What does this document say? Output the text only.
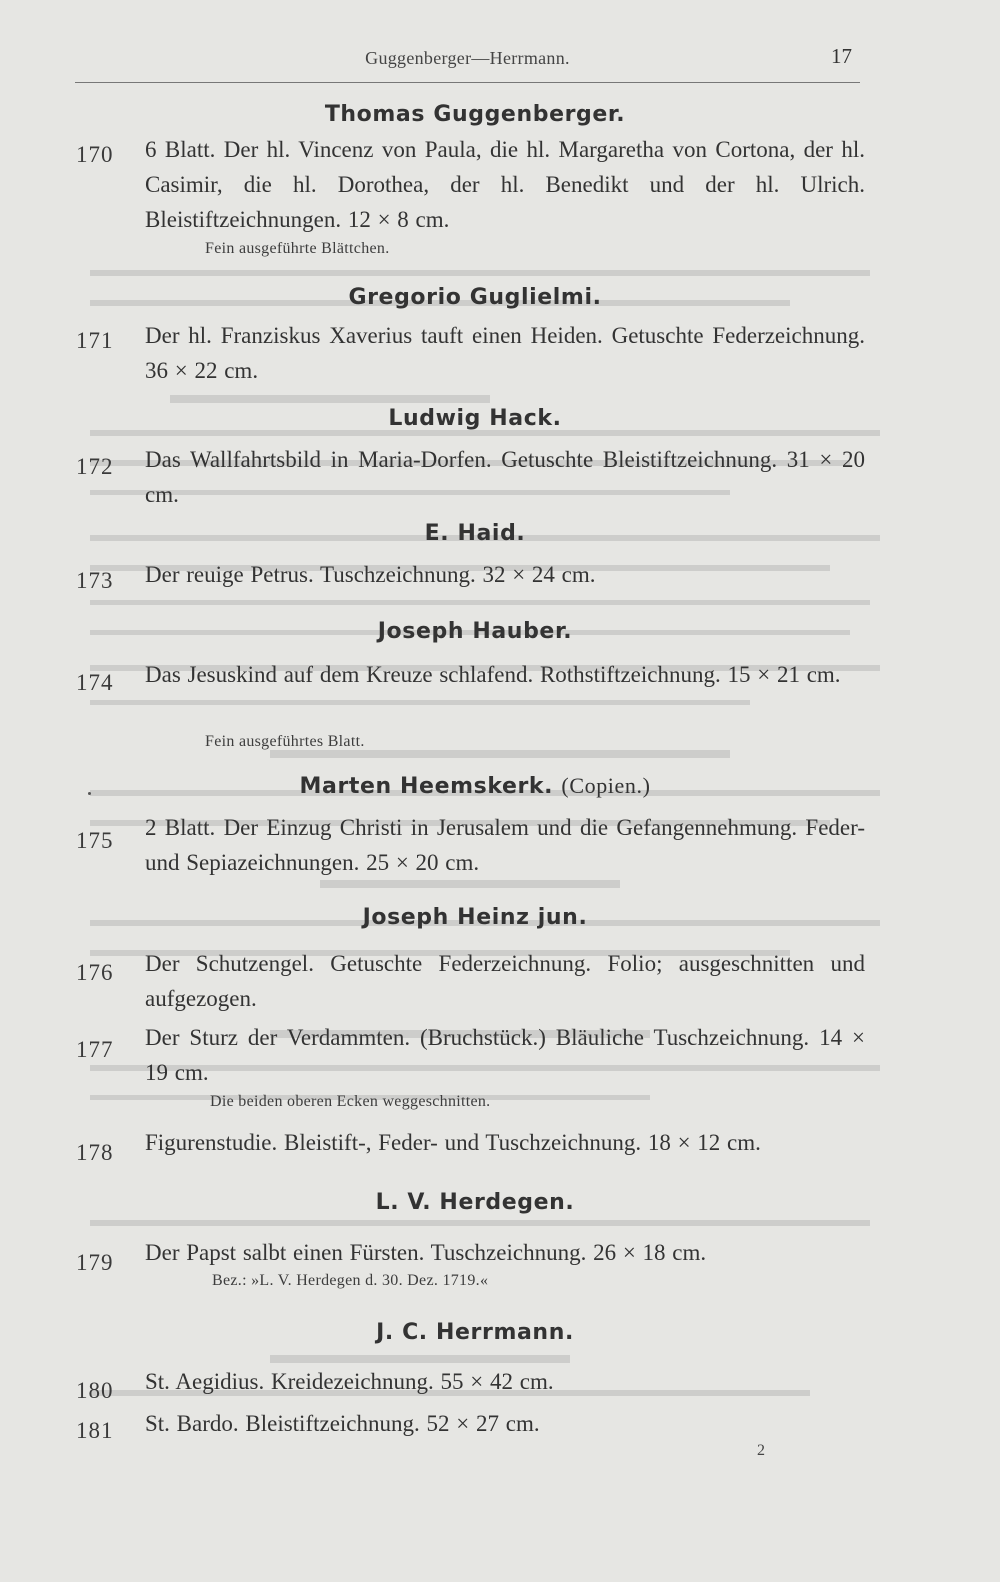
Guggenberger—Herrmann.	17
Thomas Guggenberger.
170 6 Blatt. Der hl. Vincenz von Paula, die hl. Margaretha von Cortona, der hl. Casimir, die hl. Dorothea, der hl. Benedikt und der hl. Ulrich. Bleistiftzeichnungen. 12 × 8 cm.
Fein ausgeführte Blättchen.
Gregorio Guglielmi.
171 Der hl. Franziskus Xaverius tauft einen Heiden. Getuschte Federzeichnung. 36 × 22 cm.
Ludwig Hack.
172 Das Wallfahrtsbild in Maria-Dorfen. Getuschte Bleistiftzeichnung. 31 × 20 cm.
E. Haid.
173 Der reuige Petrus. Tuschzeichnung. 32 × 24 cm.
Joseph Hauber.
174 Das Jesuskind auf dem Kreuze schlafend. Rothstiftzeichnung. 15 × 21 cm.
Fein ausgeführtes Blatt.
Marten Heemskerk. (Copien.)
175
2 Blatt. Der Einzug Christi in Jerusalem und die Gefangennehmung. Feder- und Sepiazeichnungen. 25 × 20 cm.
Joseph Heinz jun.
176 Der Schutzengel. Getuschte Federzeichnung. Folio; ausgeschnitten und aufgezogen.
177 Der Sturz der Verdammten. (Bruchstück.) Bläuliche Tuschzeichnung. 14 × 19 cm.
Die beiden oberen Ecken weggeschnitten.
178 Figurenstudie. Bleistift-, Feder- und Tuschzeichnung. 18 × 12 cm.
L. V. Herdegen.
179 Der Papst salbt einen Fürsten. Tuschzeichnung. 26 × 18 cm.
Bez.: »L. V. Herdegen d. 30. Dez. 1719.«
J. C. Herrmann.
180 St. Aegidius. Kreidezeichnung. 55 × 42 cm.
181 St. Bardo. Bleistiftzeichnung. 52 × 27 cm.
2
